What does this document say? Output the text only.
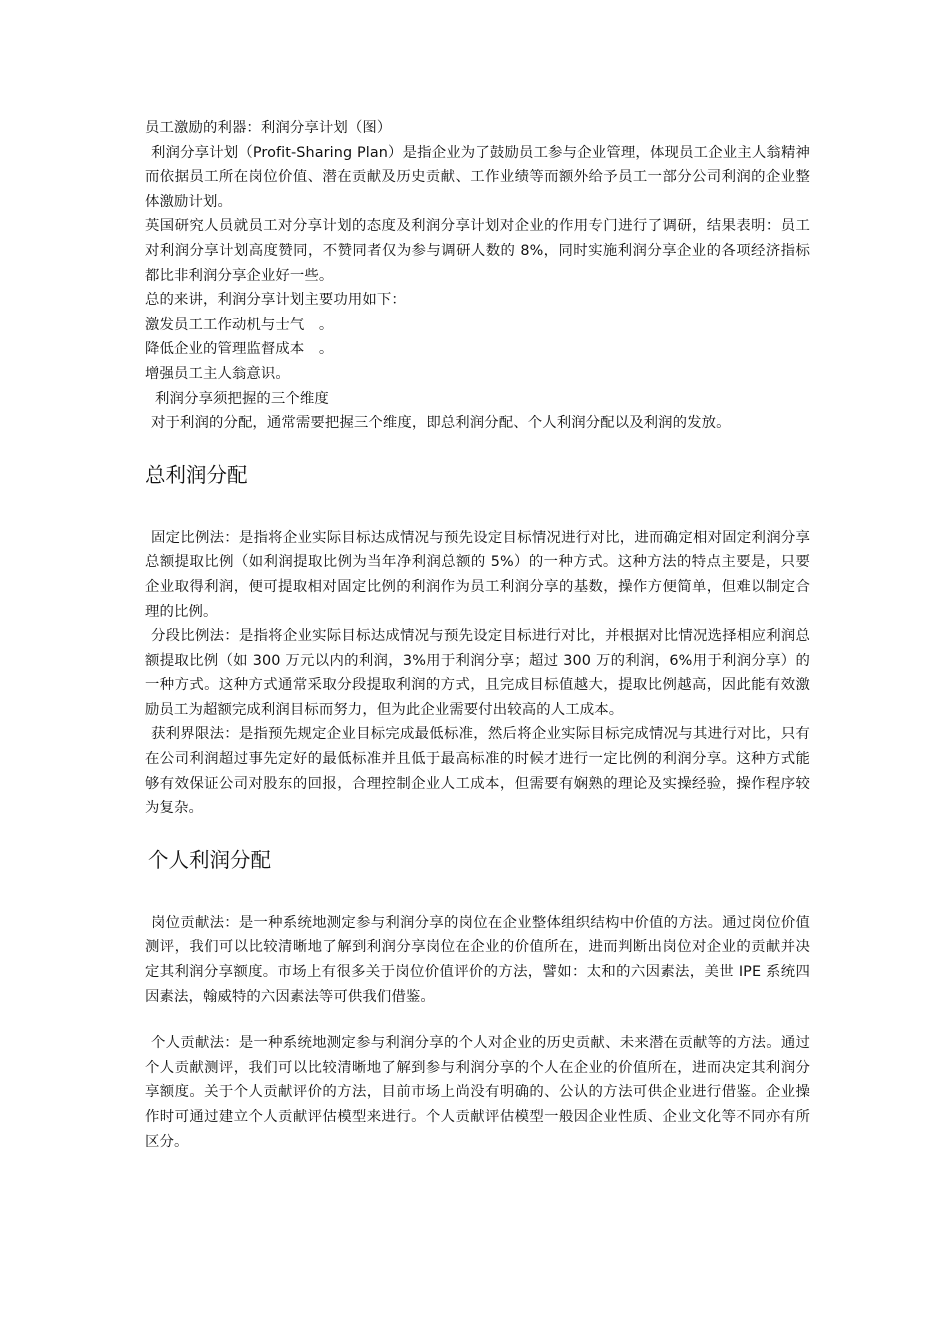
员工激励的利器：利润分享计划（图）

利润分享计划（Profit-Sharing Plan）是指企业为了鼓励员工参与企业管理，体现员工企业主人翁精神而依据员工所在岗位价值、潜在贡献及历史贡献、工作业绩等而额外给予员工一部分公司利润的企业整体激励计划。

英国研究人员就员工对分享计划的态度及利润分享计划对企业的作用专门进行了调研，结果表明：员工对利润分享计划高度赞同，不赞同者仅为参与调研人数的 8%，同时实施利润分享企业的各项经济指标都比非利润分享企业好一些。

总的来讲，利润分享计划主要功用如下：

激发员工工作动机与士气　。

降低企业的管理监督成本　。

增强员工主人翁意识。

利润分享须把握的三个维度

对于利润的分配，通常需要把握三个维度，即总利润分配、个人利润分配以及利润的发放。

总利润分配

固定比例法：是指将企业实际目标达成情况与预先设定目标情况进行对比，进而确定相对固定利润分享总额提取比例（如利润提取比例为当年净利润总额的 5%）的一种方式。这种方法的特点主要是，只要企业取得利润，便可提取相对固定比例的利润作为员工利润分享的基数，操作方便简单，但难以制定合理的比例。

分段比例法：是指将企业实际目标达成情况与预先设定目标进行对比，并根据对比情况选择相应利润总额提取比例（如 300 万元以内的利润，3%用于利润分享；超过 300 万的利润，6%用于利润分享）的一种方式。这种方式通常采取分段提取利润的方式，且完成目标值越大，提取比例越高，因此能有效激励员工为超额完成利润目标而努力，但为此企业需要付出较高的人工成本。

获利界限法：是指预先规定企业目标完成最低标准，然后将企业实际目标完成情况与其进行对比，只有在公司利润超过事先定好的最低标准并且低于最高标准的时候才进行一定比例的利润分享。这种方式能够有效保证公司对股东的回报，合理控制企业人工成本，但需要有娴熟的理论及实操经验，操作程序较为复杂。

个人利润分配

岗位贡献法：是一种系统地测定参与利润分享的岗位在企业整体组织结构中价值的方法。通过岗位价值测评，我们可以比较清晰地了解到利润分享岗位在企业的价值所在，进而判断出岗位对企业的贡献并决定其利润分享额度。市场上有很多关于岗位价值评价的方法，譬如：太和的六因素法，美世 IPE 系统四因素法，翰威特的六因素法等可供我们借鉴。

个人贡献法：是一种系统地测定参与利润分享的个人对企业的历史贡献、未来潜在贡献等的方法。通过个人贡献测评，我们可以比较清晰地了解到参与利润分享的个人在企业的价值所在，进而决定其利润分享额度。关于个人贡献评价的方法，目前市场上尚没有明确的、公认的方法可供企业进行借鉴。企业操作时可通过建立个人贡献评估模型来进行。个人贡献评估模型一般因企业性质、企业文化等不同亦有所区分。
